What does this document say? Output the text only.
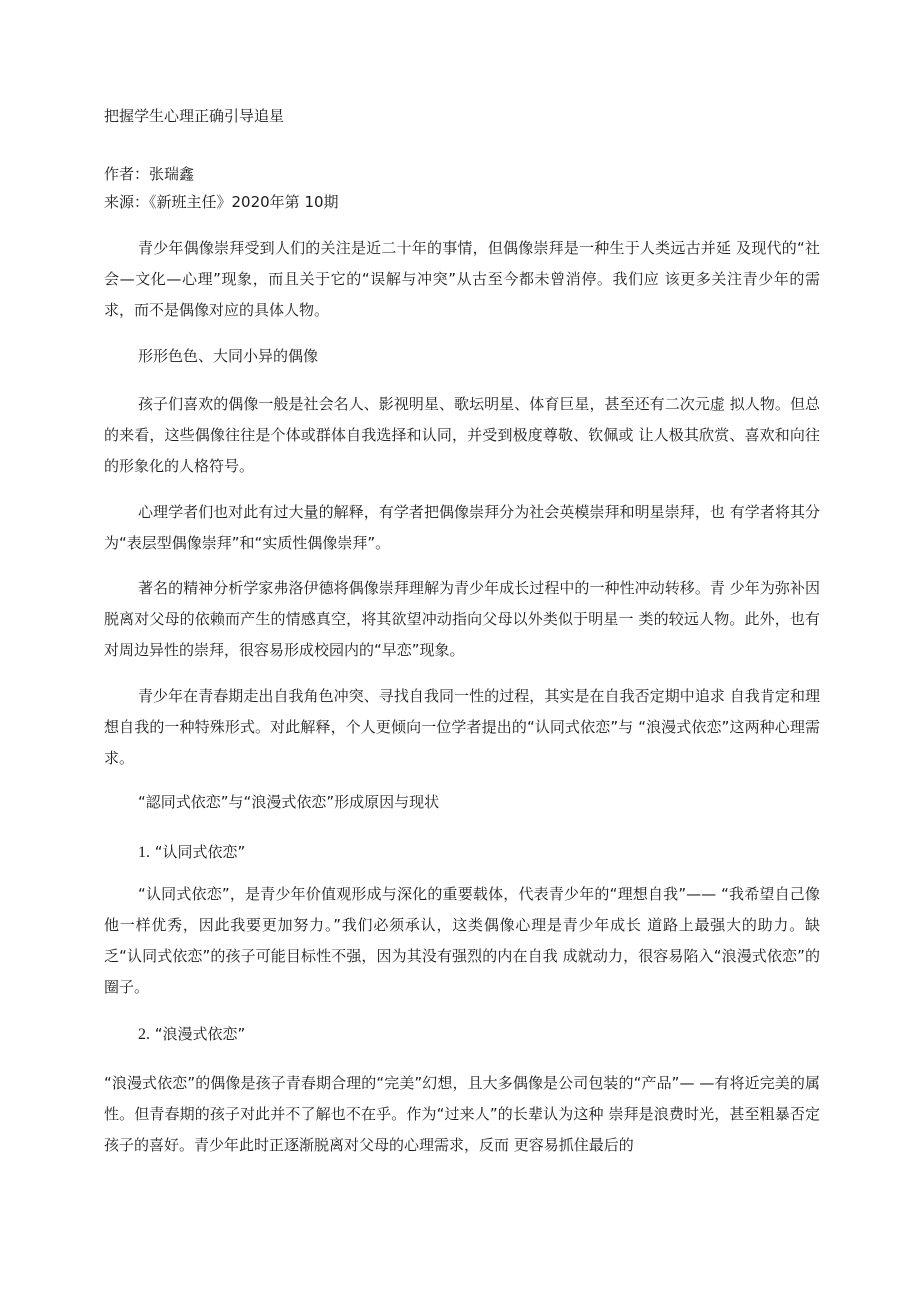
把握学生心理正确引导追星
作者：张瑞鑫
来源：《新班主任》2020年第 10期

青少年偶像崇拜受到人们的关注是近二十年的事情，但偶像崇拜是一种生于人类远古并延 及现代的“社会—文化—心理”现象，而且关于它的“误解与冲突”从古至今都未曾消停。我们应 该更多关注青少年的需求，而不是偶像对应的具体人物。

形形色色、大同小异的偶像

孩子们喜欢的偶像一般是社会名人、影视明星、歌坛明星、体育巨星，甚至还有二次元虚 拟人物。但总的来看，这些偶像往往是个体或群体自我选择和认同，并受到极度尊敬、钦佩或 让人极其欣赏、喜欢和向往的形象化的人格符号。

心理学者们也对此有过大量的解释，有学者把偶像崇拜分为社会英模崇拜和明星崇拜，也 有学者将其分为“表层型偶像崇拜”和“实质性偶像崇拜”。

著名的精神分析学家弗洛伊德将偶像崇拜理解为青少年成长过程中的一种性冲动转移。青 少年为弥补因脱离对父母的依赖而产生的情感真空，将其欲望冲动指向父母以外类似于明星一 类的较远人物。此外，也有对周边异性的崇拜，很容易形成校园内的“早恋”现象。

青少年在青春期走出自我角色冲突、寻找自我同一性的过程，其实是在自我否定期中追求 自我肯定和理想自我的一种特殊形式。对此解释，个人更倾向一位学者提出的“认同式依恋”与 “浪漫式依恋”这两种心理需求。

“認同式依恋”与“浪漫式依恋”形成原因与现状
1. “认同式依恋”

“认同式依恋”，是青少年价值观形成与深化的重要载体，代表青少年的“理想自我”—— “我希望自己像他一样优秀，因此我要更加努力。”我们必须承认，这类偶像心理是青少年成长 道路上最强大的助力。缺乏“认同式依恋”的孩子可能目标性不强，因为其没有强烈的内在自我 成就动力，很容易陷入“浪漫式依恋”的圈子。

2. “浪漫式依恋”

“浪漫式依恋”的偶像是孩子青春期合理的“完美”幻想，且大多偶像是公司包装的“产品”— —有将近完美的属性。但青春期的孩子对此并不了解也不在乎。作为“过来人”的长辈认为这种 崇拜是浪费时光，甚至粗暴否定孩子的喜好。青少年此时正逐渐脱离对父母的心理需求，反而 更容易抓住最后的
